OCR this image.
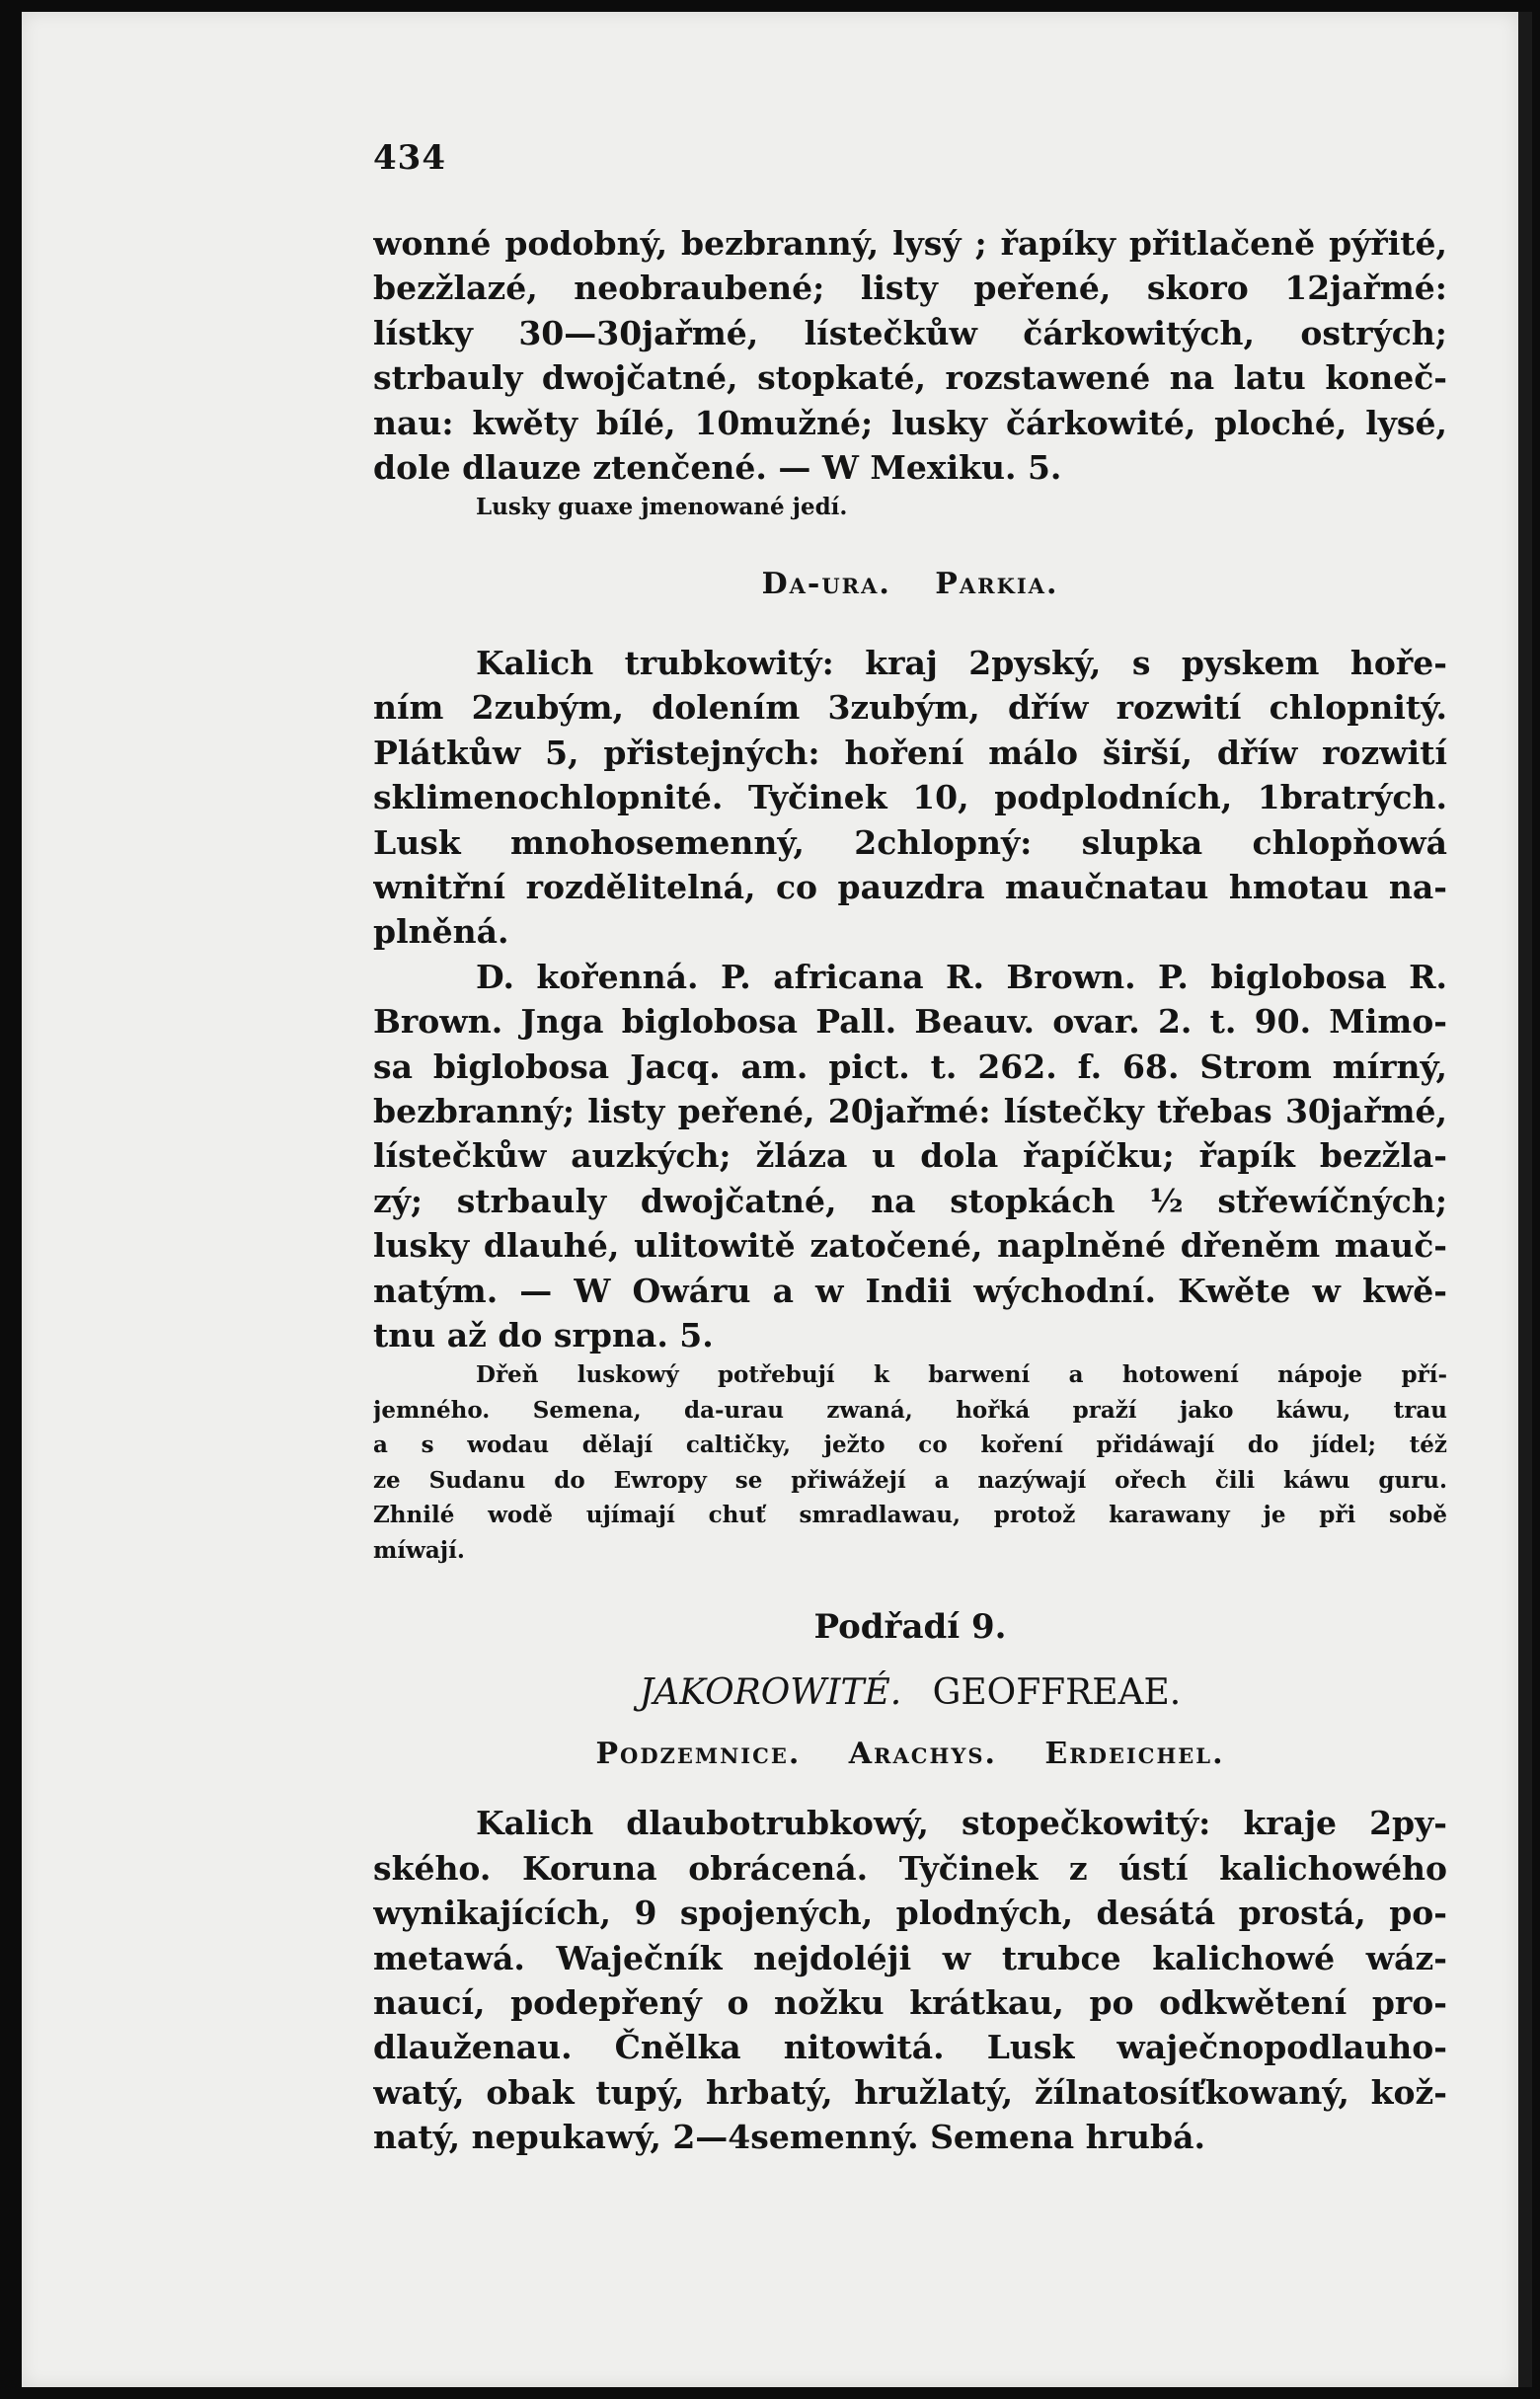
434
wonné podobný, bezbranný, lysý ; řapíky přitlačeně pýřité,
bezžlazé, neobraubené; listy peřené, skoro 12jařmé:
lístky 30—30jařmé, lístečkůw čárkowitých, ostrých;
strbauly dwojčatné, stopkaté, rozstawené na latu koneč-
nau: kwěty bílé, 10mužné; lusky čárkowité, ploché, lysé,
dole dlauze ztenčené. — W Mexiku. 5.
Lusky guaxe jmenowané jedí.
Da-ura. Parkia.
Kalich trubkowitý: kraj 2pyský, s pyskem hoře-
ním 2zubým, dolením 3zubým, dříw rozwití chlopnitý.
Plátkůw 5, přistejných: hoření málo širší, dříw rozwití
sklimenochlopnité. Tyčinek 10, podplodních, 1bratrých.
Lusk mnohosemenný, 2chlopný: slupka chlopňowá
wnitřní rozdělitelná, co pauzdra maučnatau hmotau na-
plněná.
D. kořenná. P. africana R. Brown. P. biglobosa R.
Brown. Jnga biglobosa Pall. Beauv. ovar. 2. t. 90. Mimo-
sa biglobosa Jacq. am. pict. t. 262. f. 68. Strom mírný,
bezbranný; listy peřené, 20jařmé: lístečky třebas 30jařmé,
lístečkůw auzkých; žláza u dola řapíčku; řapík bezžla-
zý; strbauly dwojčatné, na stopkách ½ střewíčných;
lusky dlauhé, ulitowitě zatočené, naplněné dřeněm mauč-
natým. — W Owáru a w Indii wýchodní. Kwěte w kwě-
tnu až do srpna. 5.
Dřeň luskowý potřebují k barwení a hotowení nápoje pří-
jemného. Semena, da-urau zwaná, hořká praží jako káwu, trau
a s wodau dělají caltičky, ježto co koření přidáwají do jídel; též
ze Sudanu do Ewropy se přiwážejí a nazýwají ořech čili káwu guru.
Zhnilé wodě ujímají chuť smradlawau, protož karawany je při sobě
míwají.
Podřadí 9.
JAKOROWITÉ. GEOFFREAE.
Podzemnice. Arachys. Erdeichel.
Kalich dlaubotrubkowý, stopečkowitý: kraje 2py-
ského. Koruna obrácená. Tyčinek z ústí kalichowého
wynikajících, 9 spojených, plodných, desátá prostá, po-
metawá. Waječník nejdoléji w trubce kalichowé wáz-
naucí, podepřený o nožku krátkau, po odkwětení pro-
dlauženau. Čnělka nitowitá. Lusk waječnopodlauho-
watý, obak tupý, hrbatý, hružlatý, žílnatosíťkowaný, kož-
natý, nepukawý, 2—4semenný. Semena hrubá.
